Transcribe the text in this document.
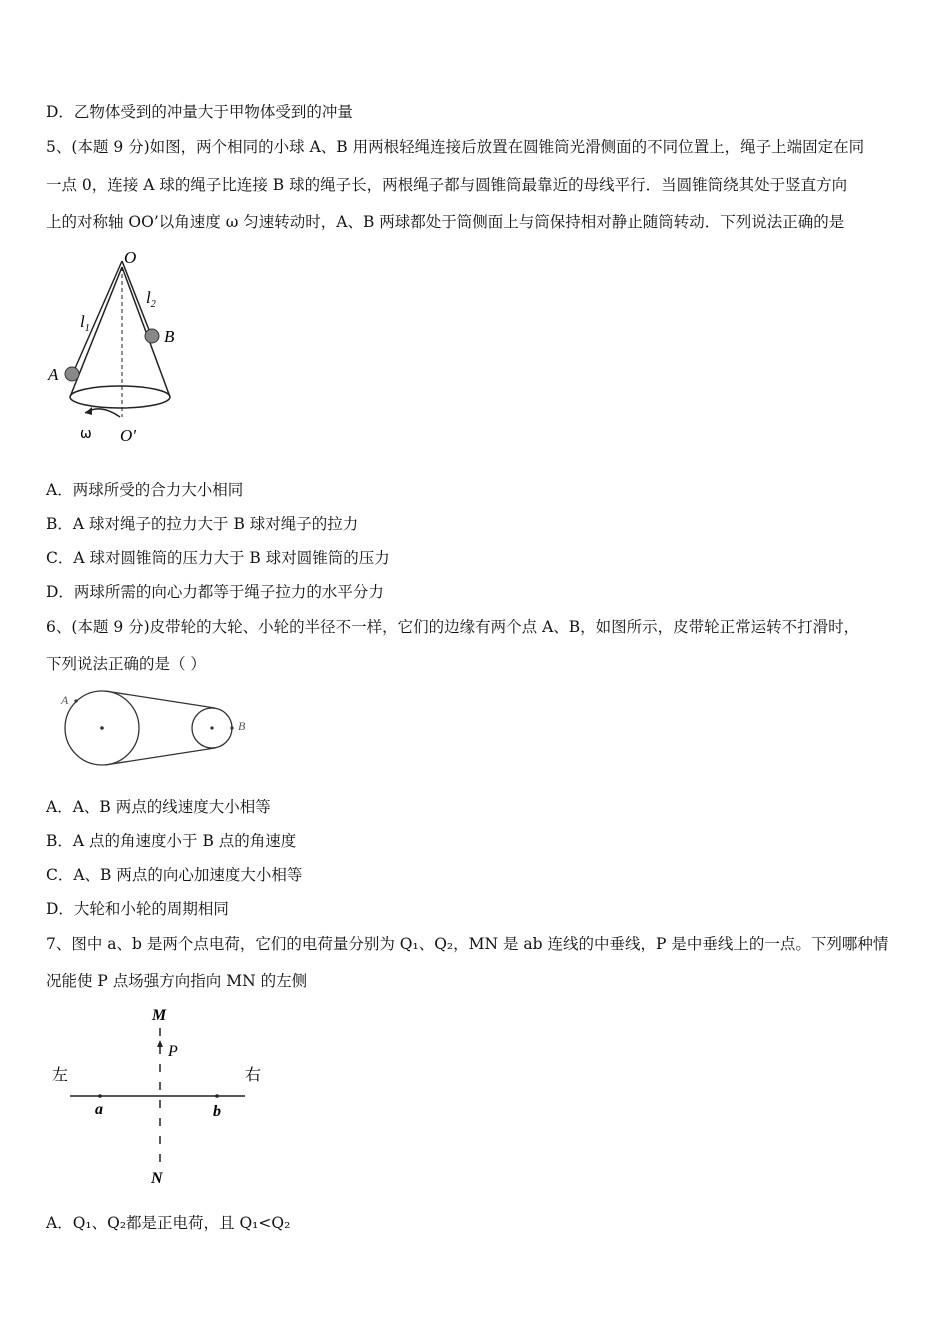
D．乙物体受到的冲量大于甲物体受到的冲量
5、(本题 9 分)如图，两个相同的小球 A、B 用两根轻绳连接后放置在圆锥筒光滑侧面的不同位置上，绳子上端固定在同
一点 0，连接 A 球的绳子比连接 B 球的绳子长，两根绳子都与圆锥筒最靠近的母线平行．当圆锥筒绕其处于竖直方向
上的对称轴 OO’以角速度 ω 匀速转动时，A、B 两球都处于筒侧面上与筒保持相对静止随筒转动．下列说法正确的是
O
$l_1$
$l_2$
A
B
ω O'
A．两球所受的合力大小相同
B．A 球对绳子的拉力大于 B 球对绳子的拉力
C．A 球对圆锥筒的压力大于 B 球对圆锥筒的压力
D．两球所需的向心力都等于绳子拉力的水平分力
6、(本题 9 分)皮带轮的大轮、小轮的半径不一样，它们的边缘有两个点 A、B，如图所示，皮带轮正常运转不打滑时，
下列说法正确的是（ ）
A
B
A．A、B 两点的线速度大小相等
B．A 点的角速度小于 B 点的角速度
C．A、B 两点的向心加速度大小相等
D．大轮和小轮的周期相同
7、图中 a、b 是两个点电荷，它们的电荷量分别为 Q₁、Q₂，MN 是 ab 连线的中垂线，P 是中垂线上的一点。下列哪种情
况能使 P 点场强方向指向 MN 的左侧
M
P
左	右
a	b
N
A．Q₁、Q₂都是正电荷，且 Q₁<Q₂
